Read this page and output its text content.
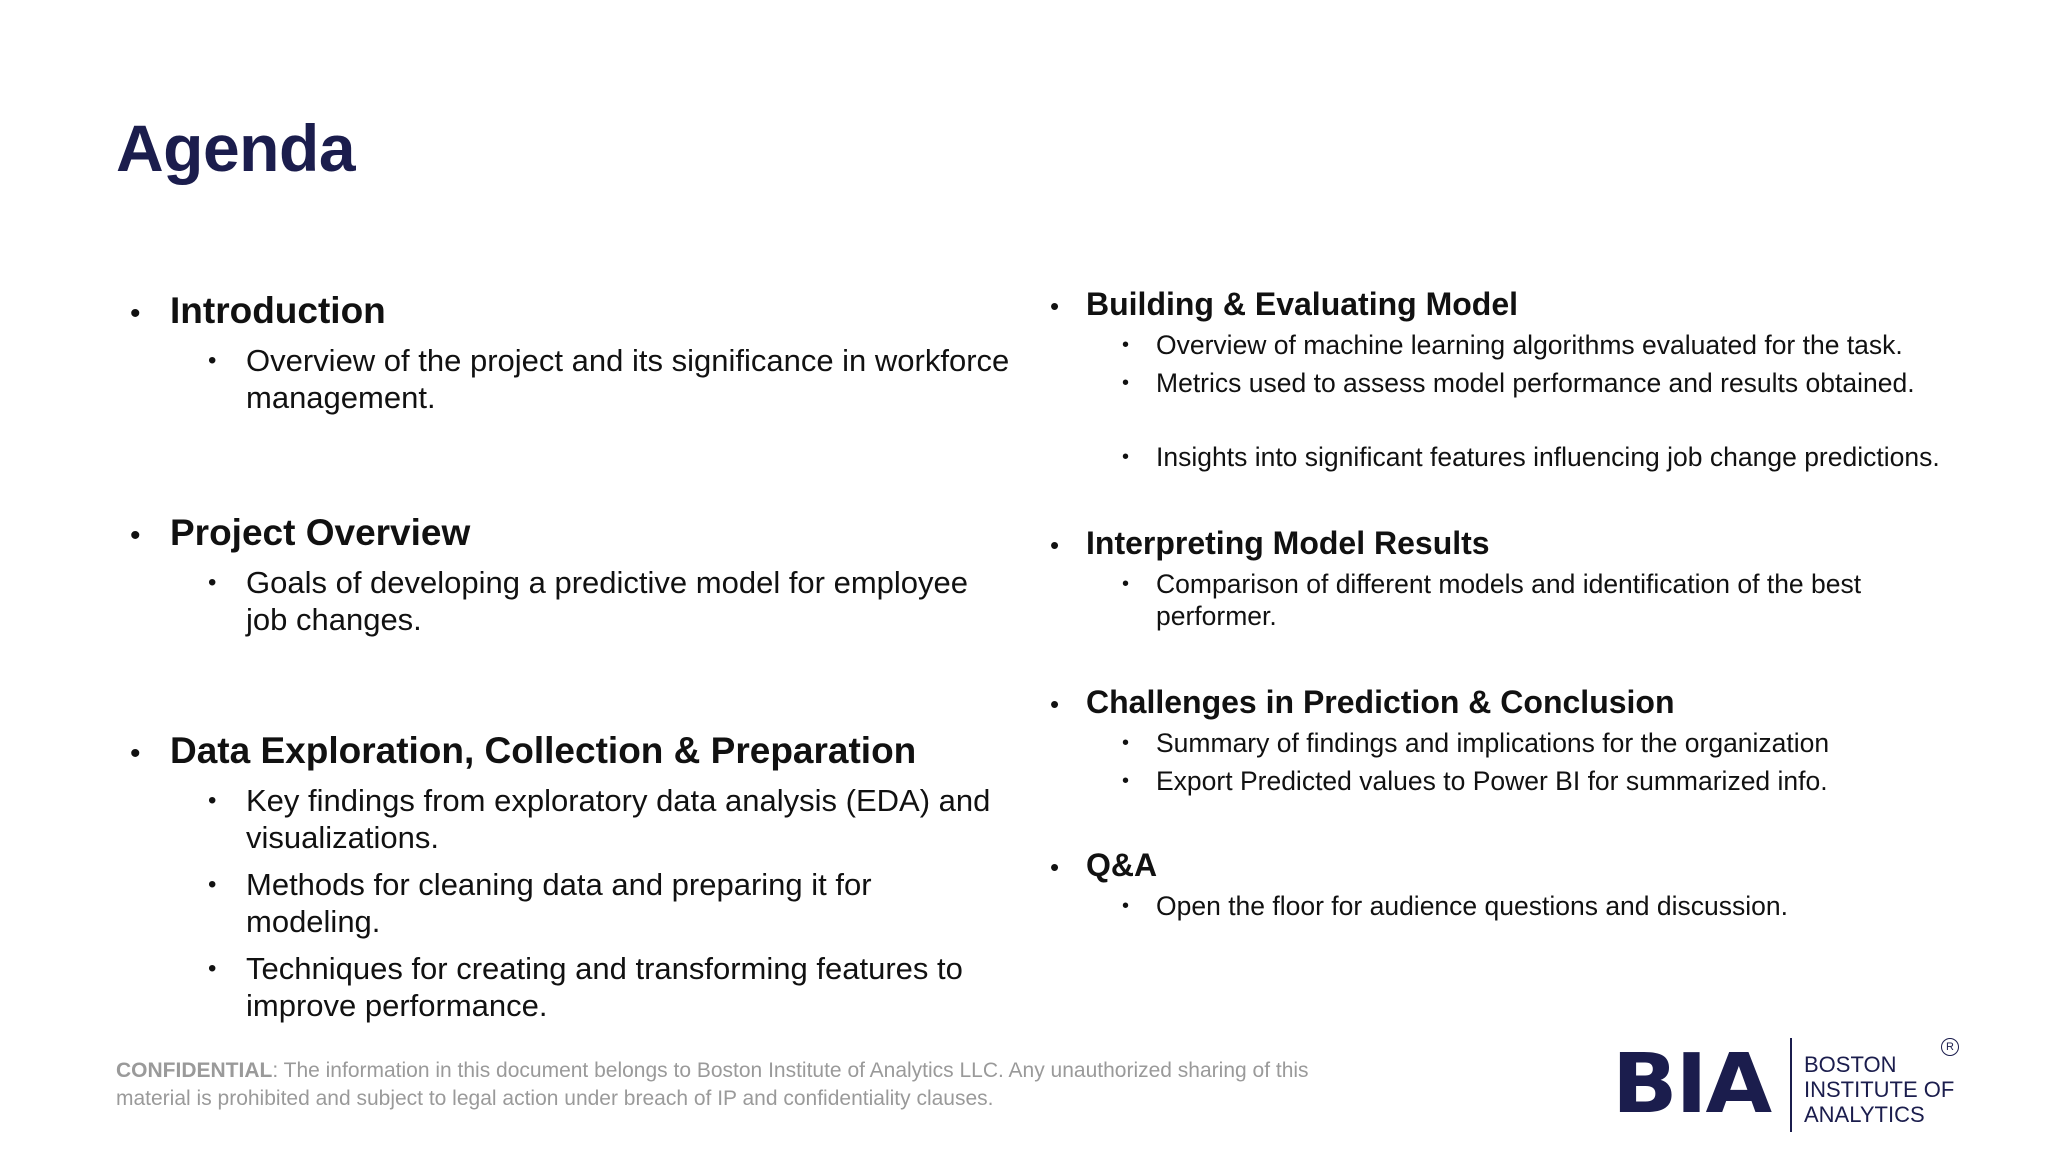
Agenda
• Introduction
• Overview of the project and its significance in workforce management.
• Project Overview
• Goals of developing a predictive model for employee job changes.
• Data Exploration, Collection & Preparation
• Key findings from exploratory data analysis (EDA) and visualizations.
• Methods for cleaning data and preparing it for modeling.
• Techniques for creating and transforming features to improve performance.
• Building & Evaluating Model
• Overview of machine learning algorithms evaluated for the task.
• Metrics used to assess model performance and results obtained.
• Insights into significant features influencing job change predictions.
• Interpreting Model Results
• Comparison of different models and identification of the best performer.
• Challenges in Prediction & Conclusion
• Summary of findings and implications for the organization
• Export Predicted values to Power BI for summarized info.
• Q&A
• Open the floor for audience questions and discussion.
CONFIDENTIAL: The information in this document belongs to Boston Institute of Analytics LLC. Any unauthorized sharing of this material is prohibited and subject to legal action under breach of IP and confidentiality clauses.	BIA BOSTON
INSTITUTE OF
ANALYTICS
R
